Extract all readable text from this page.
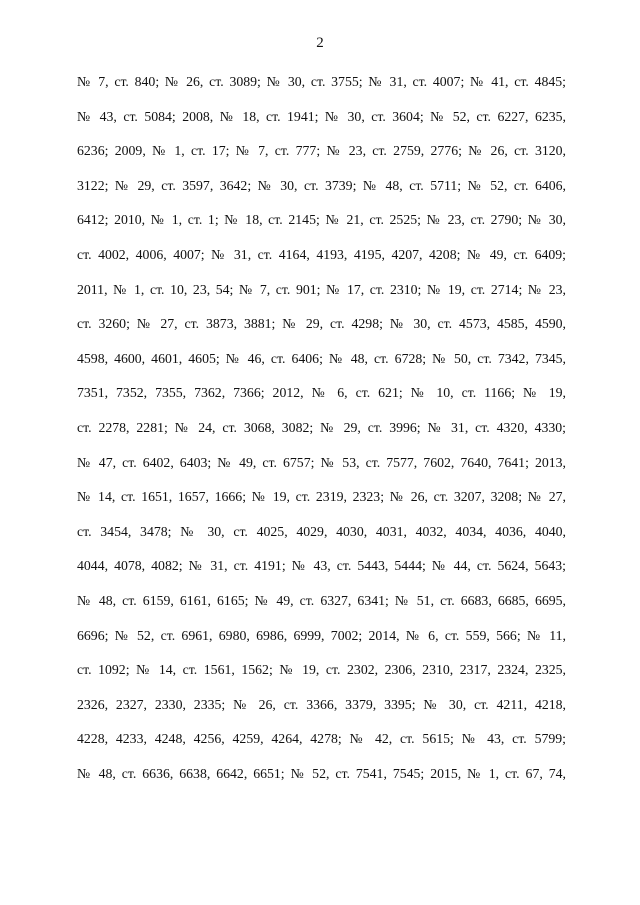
2
№ 7, ст. 840; № 26, ст. 3089; № 30, ст. 3755; № 31, ст. 4007; № 41, ст. 4845;
№ 43, ст. 5084; 2008, № 18, ст. 1941; № 30, ст. 3604; № 52, ст. 6227, 6235,
6236; 2009, № 1, ст. 17; № 7, ст. 777; № 23, ст. 2759, 2776; № 26, ст. 3120,
3122; № 29, ст. 3597, 3642; № 30, ст. 3739; № 48, ст. 5711; № 52, ст. 6406,
6412; 2010, № 1, ст. 1; № 18, ст. 2145; № 21, ст. 2525; № 23, ст. 2790; № 30,
ст. 4002, 4006, 4007; № 31, ст. 4164, 4193, 4195, 4207, 4208; № 49, ст. 6409;
2011, № 1, ст. 10, 23, 54; № 7, ст. 901; № 17, ст. 2310; № 19, ст. 2714; № 23,
ст. 3260; № 27, ст. 3873, 3881; № 29, ст. 4298; № 30, ст. 4573, 4585, 4590,
4598, 4600, 4601, 4605; № 46, ст. 6406; № 48, ст. 6728; № 50, ст. 7342, 7345,
7351, 7352, 7355, 7362, 7366; 2012, № 6, ст. 621; № 10, ст. 1166; № 19,
ст. 2278, 2281; № 24, ст. 3068, 3082; № 29, ст. 3996; № 31, ст. 4320, 4330;
№ 47, ст. 6402, 6403; № 49, ст. 6757; № 53, ст. 7577, 7602, 7640, 7641; 2013,
№ 14, ст. 1651, 1657, 1666; № 19, ст. 2319, 2323; № 26, ст. 3207, 3208; № 27,
ст. 3454, 3478; № 30, ст. 4025, 4029, 4030, 4031, 4032, 4034, 4036, 4040,
4044, 4078, 4082; № 31, ст. 4191; № 43, ст. 5443, 5444; № 44, ст. 5624, 5643;
№ 48, ст. 6159, 6161, 6165; № 49, ст. 6327, 6341; № 51, ст. 6683, 6685, 6695,
6696; № 52, ст. 6961, 6980, 6986, 6999, 7002; 2014, № 6, ст. 559, 566; № 11,
ст. 1092; № 14, ст. 1561, 1562; № 19, ст. 2302, 2306, 2310, 2317, 2324, 2325,
2326, 2327, 2330, 2335; № 26, ст. 3366, 3379, 3395; № 30, ст. 4211, 4218,
4228, 4233, 4248, 4256, 4259, 4264, 4278; № 42, ст. 5615; № 43, ст. 5799;
№ 48, ст. 6636, 6638, 6642, 6651; № 52, ст. 7541, 7545; 2015, № 1, ст. 67, 74,
